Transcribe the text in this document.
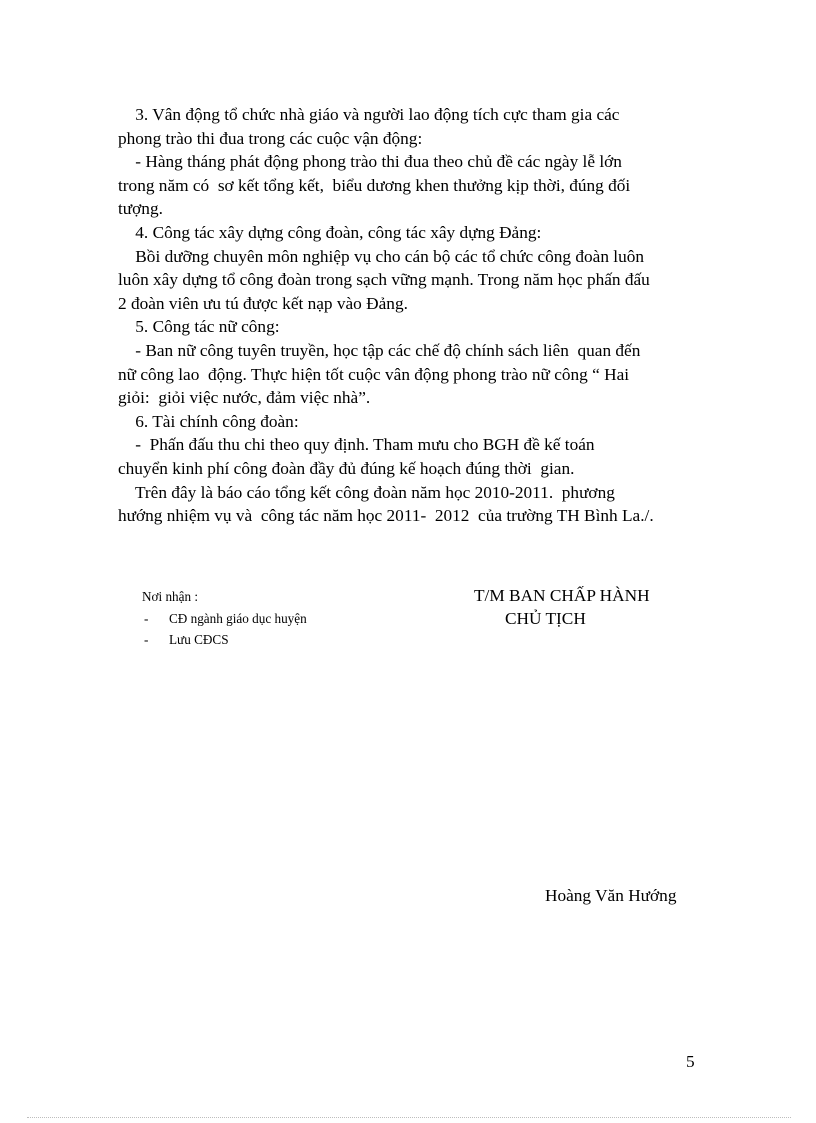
3. Vân động tổ chức nhà giáo và người lao động tích cực tham gia các
phong trào thi đua trong các cuộc vận động:
- Hàng tháng phát động phong trào thi đua theo chủ đề các ngày lễ lớn
trong năm có  sơ kết tổng kết,  biểu dương khen thưởng kịp thời, đúng đối
tượng.
4. Công tác xây dựng công đoàn, công tác xây dựng Đảng:
Bồi dưỡng chuyên môn nghiệp vụ cho cán bộ các tổ chức công đoàn luôn
luôn xây dựng tổ công đoàn trong sạch vững mạnh. Trong năm học phấn đấu
2 đoàn viên ưu tú được kết nạp vào Đảng.
5. Công tác nữ công:
- Ban nữ công tuyên truyền, học tập các chế độ chính sách liên  quan đến
nữ công lao  động. Thực hiện tốt cuộc vân động phong trào nữ công “ Hai
giỏi:  giỏi việc nước, đảm việc nhà”.
6. Tài chính công đoàn:
-  Phấn đấu thu chi theo quy định. Tham mưu cho BGH đề kế toán
chuyển kinh phí công đoàn đầy đủ đúng kế hoạch đúng thời  gian.
Trên đây là báo cáo tổng kết công đoàn năm học 2010-2011.  phương
hướng nhiệm vụ và  công tác năm học 2011-  2012  của trường TH Bình La./.
Nơi nhận :
- CĐ ngành giáo dục huyện
- Lưu CĐCS
T/M BAN CHẤP HÀNH
CHỦ TỊCH
Hoàng Văn Hướng
5
